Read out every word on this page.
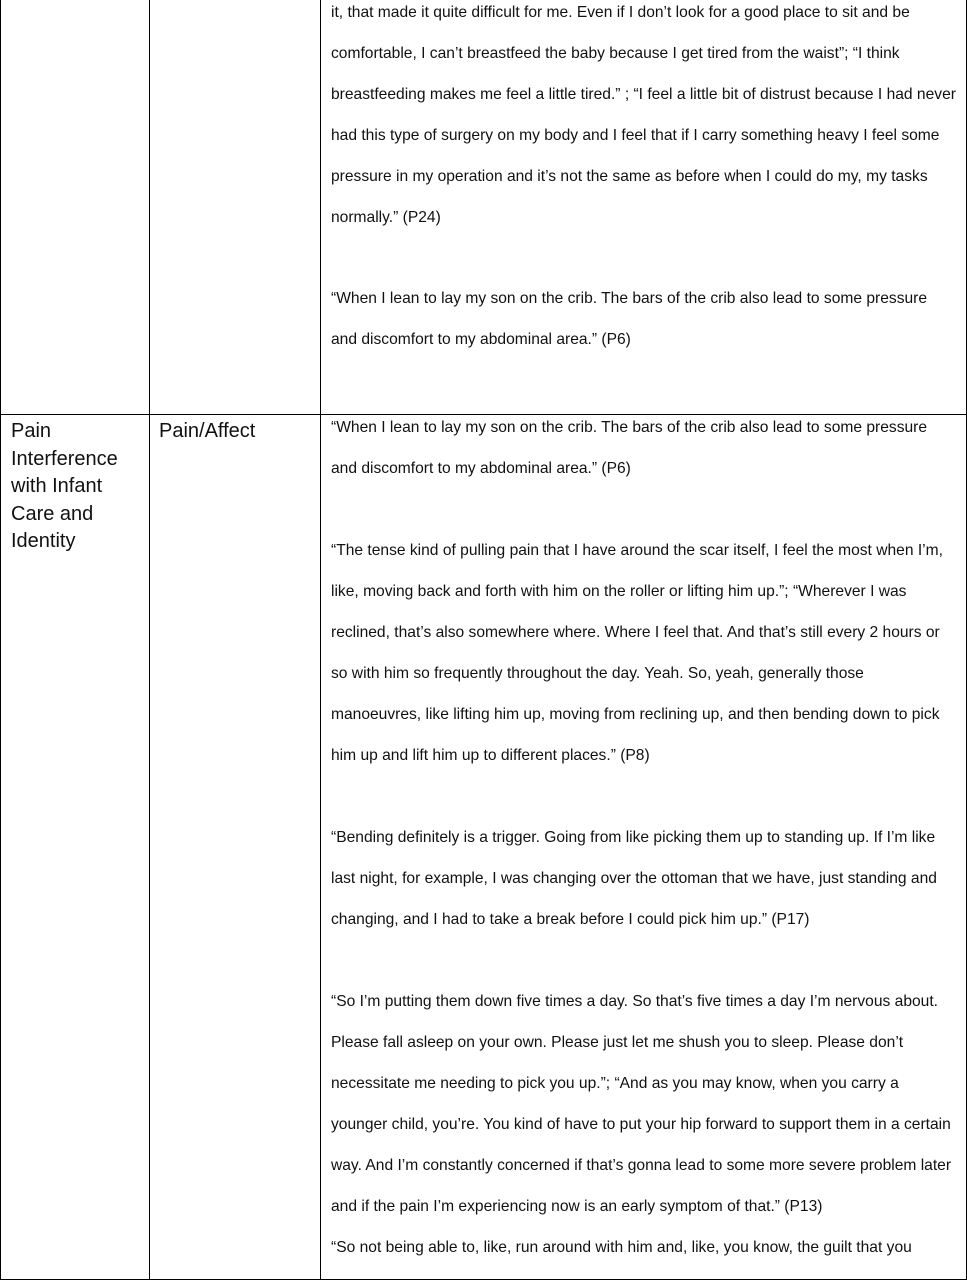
it, that made it quite difficult for me. Even if I don’t look for a good place to sit and be comfortable, I can’t breastfeed the baby because I get tired from the waist”; “I think breastfeeding makes me feel a little tired.” ; “I feel a little bit of distrust because I had never had this type of surgery on my body and I feel that if I carry something heavy I feel some pressure in my operation and it’s not the same as before when I could do my, my tasks normally.” (P24)

“When I lean to lay my son on the crib. The bars of the crib also lead to some pressure and discomfort to my abdominal area.” (P6)

Pain Interference with Infant Care and Identity

Pain/Affect	“When I lean to lay my son on the crib. The bars of the crib also lead to some pressure and discomfort to my abdominal area.” (P6)

“The tense kind of pulling pain that I have around the scar itself, I feel the most when I’m, like, moving back and forth with him on the roller or lifting him up.”; “Wherever I was reclined, that’s also somewhere where. Where I feel that. And that’s still every 2 hours or so with him so frequently throughout the day. Yeah. So, yeah, generally those manoeuvres, like lifting him up, moving from reclining up, and then bending down to pick him up and lift him up to different places.” (P8)

“Bending definitely is a trigger. Going from like picking them up to standing up. If I’m like last night, for example, I was changing over the ottoman that we have, just standing and changing, and I had to take a break before I could pick him up.” (P17)

“So I’m putting them down five times a day. So that’s five times a day I’m nervous about. Please fall asleep on your own. Please just let me shush you to sleep. Please don’t necessitate me needing to pick you up.”; “And as you may know, when you carry a younger child, you’re. You kind of have to put your hip forward to support them in a certain way. And I’m constantly concerned if that’s gonna lead to some more severe problem later and if the pain I’m experiencing now is an early symptom of that.” (P13)

“So not being able to, like, run around with him and, like, you know, the guilt that you
